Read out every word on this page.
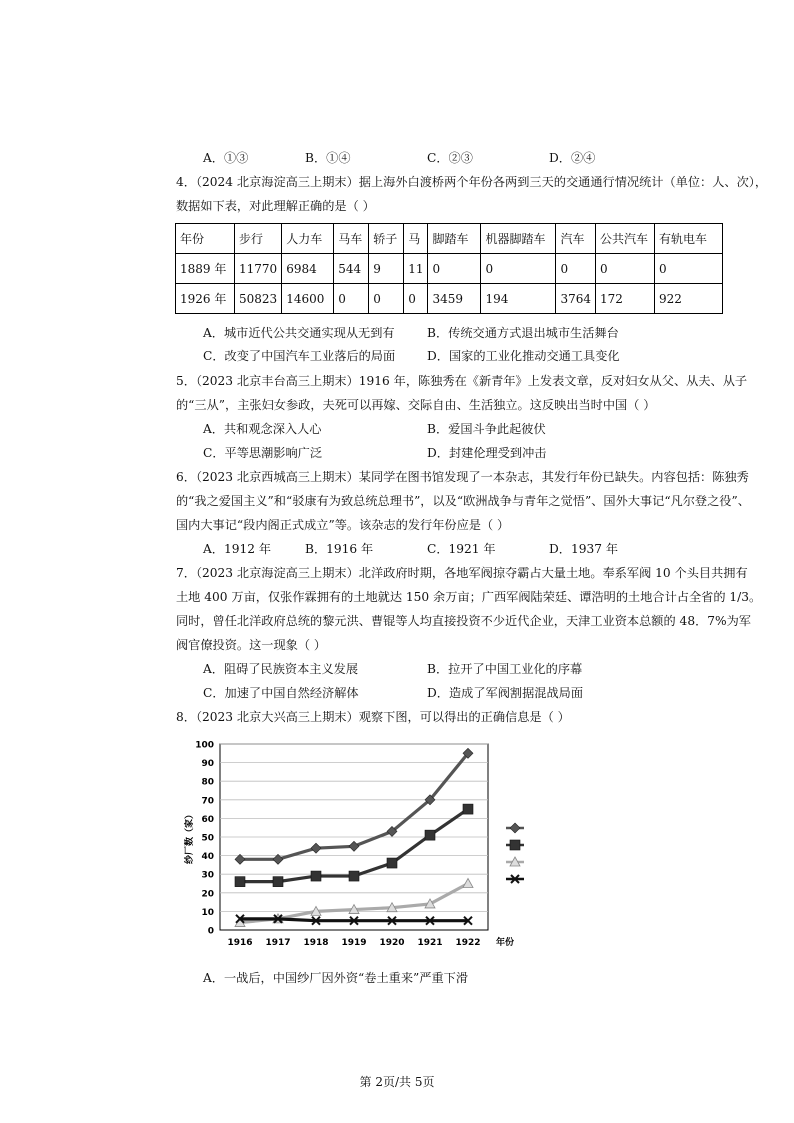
A．①③	B．①④	C．②③	D．②④
4．（2024 北京海淀高三上期末）据上海外白渡桥两个年份各两到三天的交通通行情况统计（单位：人、次），
数据如下表，对此理解正确的是（ ）
年份	步行	人力车	马车	轿子	马	脚踏车	机器脚踏车	汽车	公共汽车	有轨电车
1889 年	11770	6984	544	9	11	0	0	0	0	0
1926 年	50823	14600	0	0	0	3459	194	3764	172	922
A．城市近代公共交通实现从无到有	B．传统交通方式退出城市生活舞台
C．改变了中国汽车工业落后的局面	D．国家的工业化推动交通工具变化
5．（2023 北京丰台高三上期末）1916 年，陈独秀在《新青年》上发表文章，反对妇女从父、从夫、从子
的“三从”，主张妇女参政，夫死可以再嫁、交际自由、生活独立。这反映出当时中国（ ）
A．共和观念深入人心	B．爱国斗争此起彼伏
C．平等思潮影响广泛	D．封建伦理受到冲击
6．（2023 北京西城高三上期末）某同学在图书馆发现了一本杂志，其发行年份已缺失。内容包括：陈独秀
的“我之爱国主义”和“驳康有为致总统总理书”，以及“欧洲战争与青年之觉悟”、国外大事记“凡尔登之役”、
国内大事记“段内阁正式成立”等。该杂志的发行年份应是（ ）
A．1912 年	B．1916 年	C．1921 年	D．1937 年
7．（2023 北京海淀高三上期末）北洋政府时期，各地军阀掠夺霸占大量土地。奉系军阀 10 个头目共拥有
土地 400 万亩，仅张作霖拥有的土地就达 150 余万亩；广西军阀陆荣廷、谭浩明的土地合计占全省的 1/3。
同时，曾任北洋政府总统的黎元洪、曹锟等人均直接投资不少近代企业，天津工业资本总额的 48．7%为军
阀官僚投资。这一现象（ ）
A．阻碍了民族资本主义发展	B．拉开了中国工业化的序幕
C．加速了中国自然经济解体	D．造成了军阀割据混战局面
8．（2023 北京大兴高三上期末）观察下图，可以得出的正确信息是（ ）
0
10
20
30
40
50
60
70
80
90
100
1916 1917 1918 1919 1920 1921 1922 年份
纱厂数（家）
A．一战后，中国纱厂因外资“卷土重来”严重下滑
第 2页/共 5页
